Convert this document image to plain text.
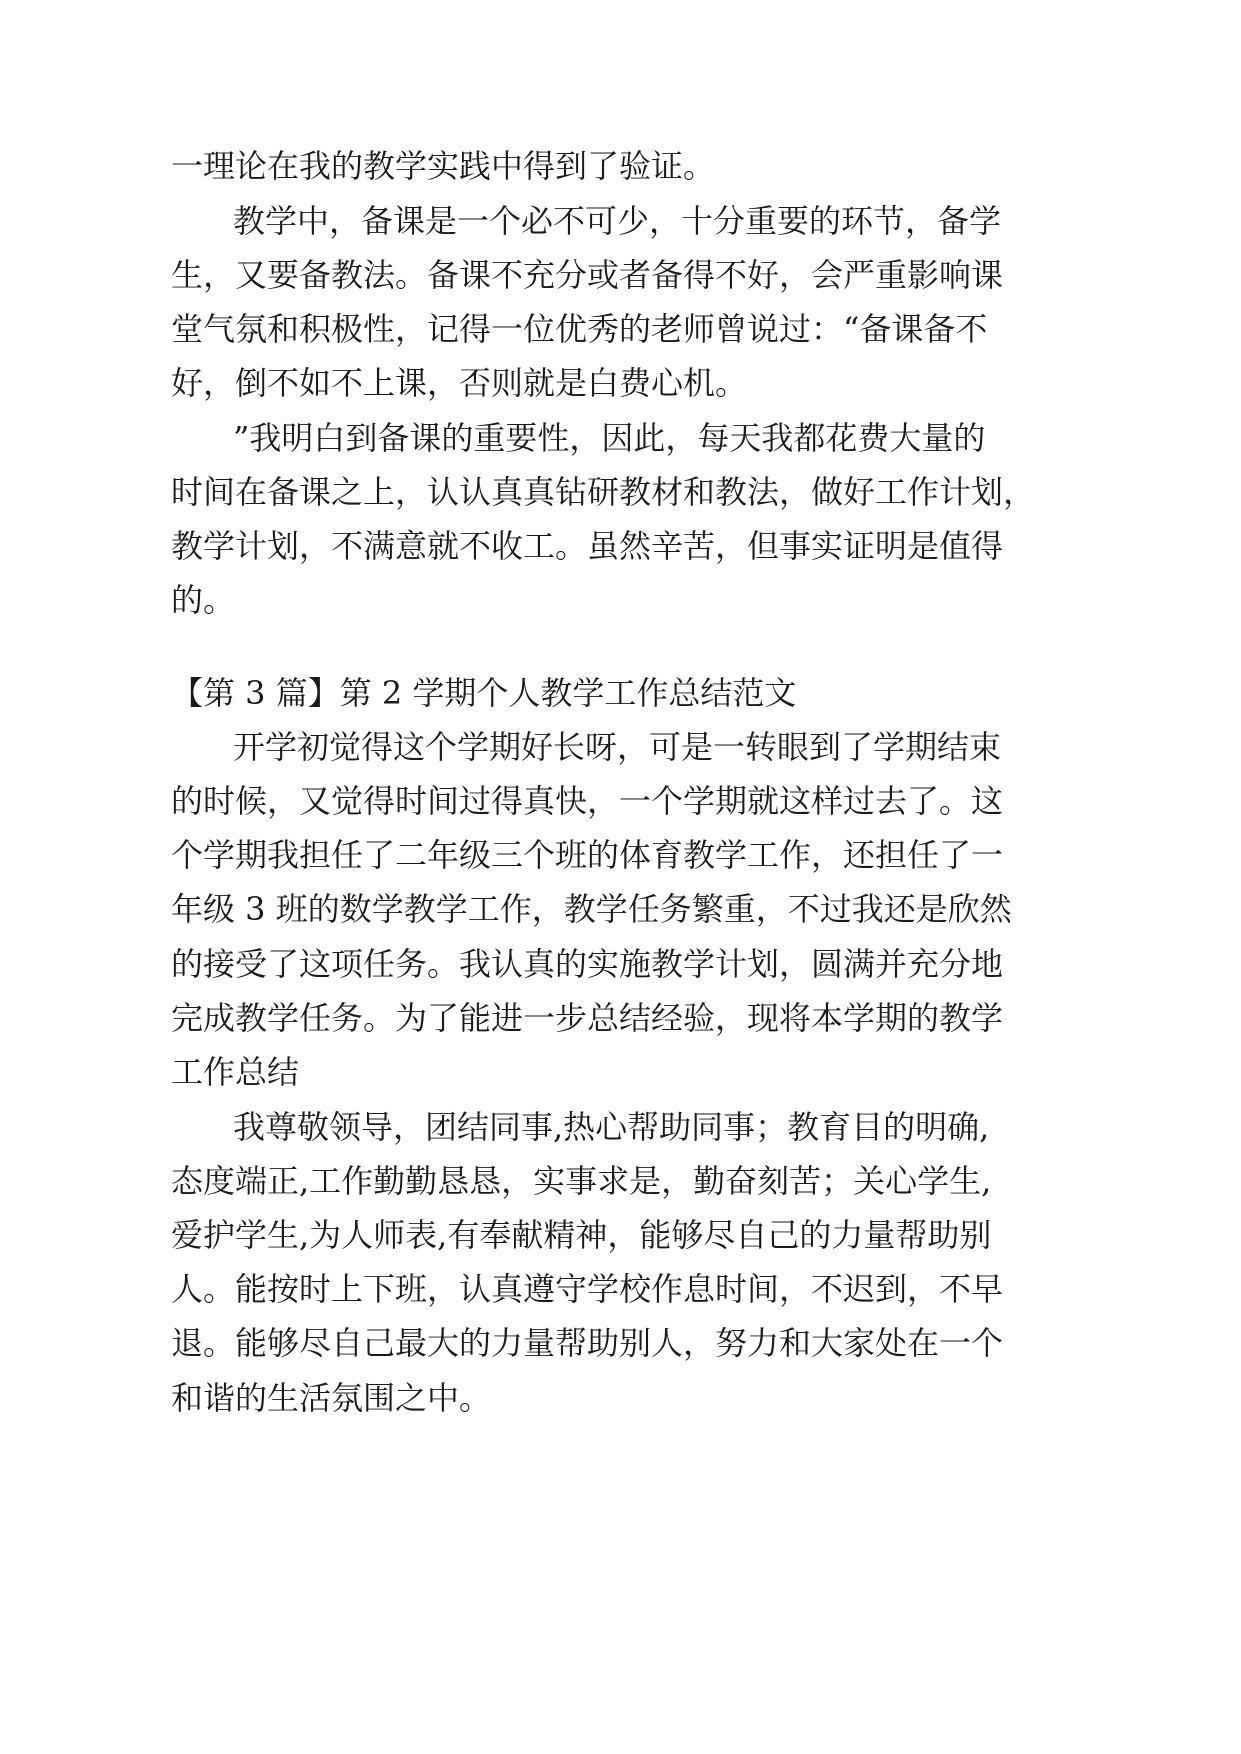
一理论在我的教学实践中得到了验证。
教学中，备课是一个必不可少，十分重要的环节，备学
生，又要备教法。备课不充分或者备得不好，会严重影响课
堂气氛和积极性，记得一位优秀的老师曾说过：“备课备不
好，倒不如不上课，否则就是白费心机。
”我明白到备课的重要性，因此，每天我都花费大量的
时间在备课之上，认认真真钻研教材和教法，做好工作计划，
教学计划，不满意就不收工。虽然辛苦，但事实证明是值得
的。
【第 3 篇】第 2 学期个人教学工作总结范文
开学初觉得这个学期好长呀，可是一转眼到了学期结束
的时候，又觉得时间过得真快，一个学期就这样过去了。这
个学期我担任了二年级三个班的体育教学工作，还担任了一
年级 3 班的数学教学工作，教学任务繁重，不过我还是欣然
的接受了这项任务。我认真的实施教学计划，圆满并充分地
完成教学任务。为了能进一步总结经验，现将本学期的教学
工作总结
我尊敬领导，团结同事,热心帮助同事；教育目的明确,
态度端正,工作勤勤恳恳，实事求是，勤奋刻苦；关心学生,
爱护学生,为人师表,有奉献精神，能够尽自己的力量帮助别
人。能按时上下班，认真遵守学校作息时间，不迟到，不早
退。能够尽自己最大的力量帮助别人，努力和大家处在一个
和谐的生活氛围之中。
